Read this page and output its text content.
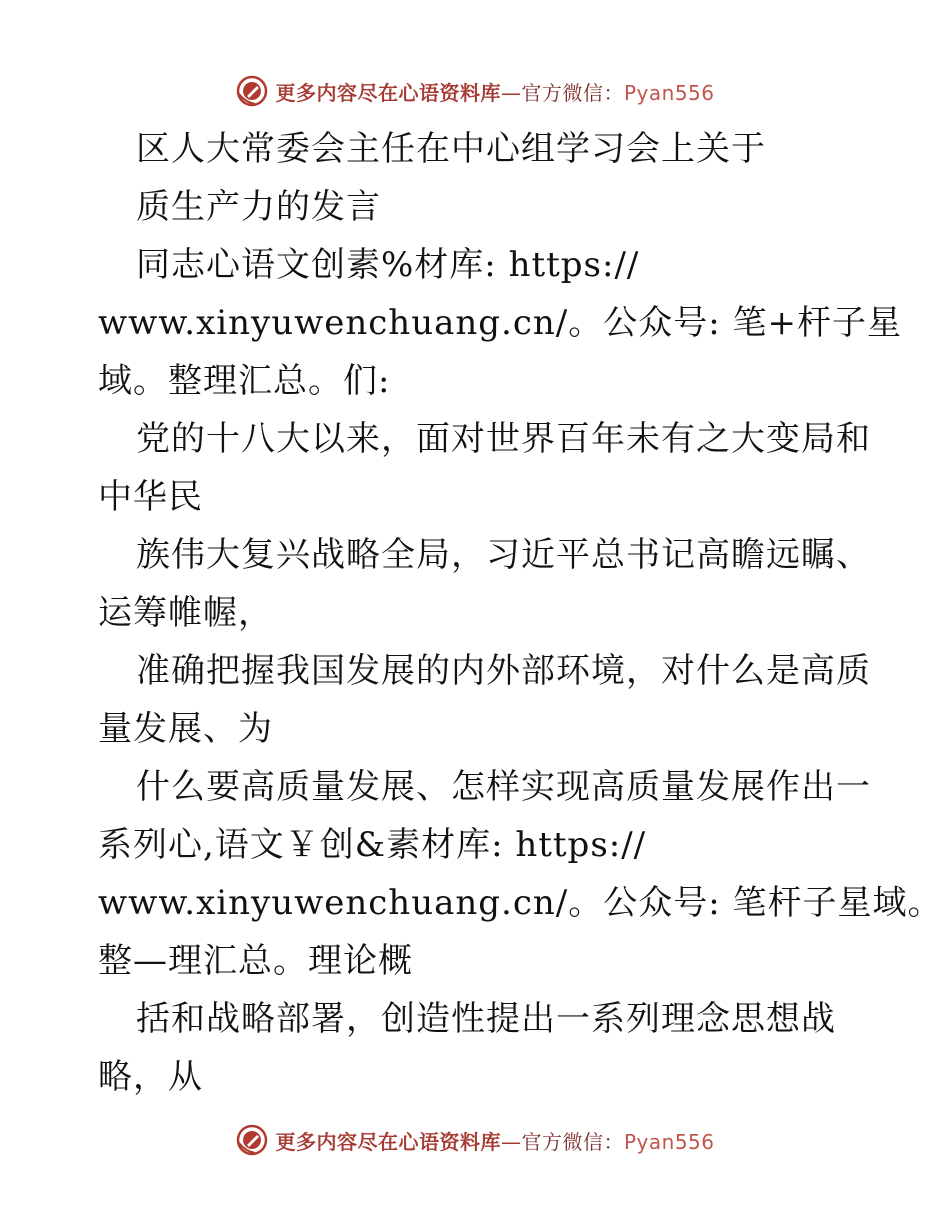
更多内容尽在心语资料库—官方微信：Pyan556
区人大常委会主任在中心组学习会上关于
质生产力的发言
同志心语文创素%材库: https://
www.xinyuwenchuang.cn/。公众号: 笔+杆子星
域。整理汇总。们:
党的十八大以来，面对世界百年未有之大变局和
中华民
族伟大复兴战略全局，习近平总书记高瞻远瞩、
运筹帷幄，
准确把握我国发展的内外部环境，对什么是高质
量发展、为
什么要高质量发展、怎样实现高质量发展作出一
系列心,语文￥创&素材库: https://
www.xinyuwenchuang.cn/。公众号: 笔杆子星域。
整—理汇总。理论概
括和战略部署，创造性提出一系列理念思想战
略，从
更多内容尽在心语资料库—官方微信：Pyan556
